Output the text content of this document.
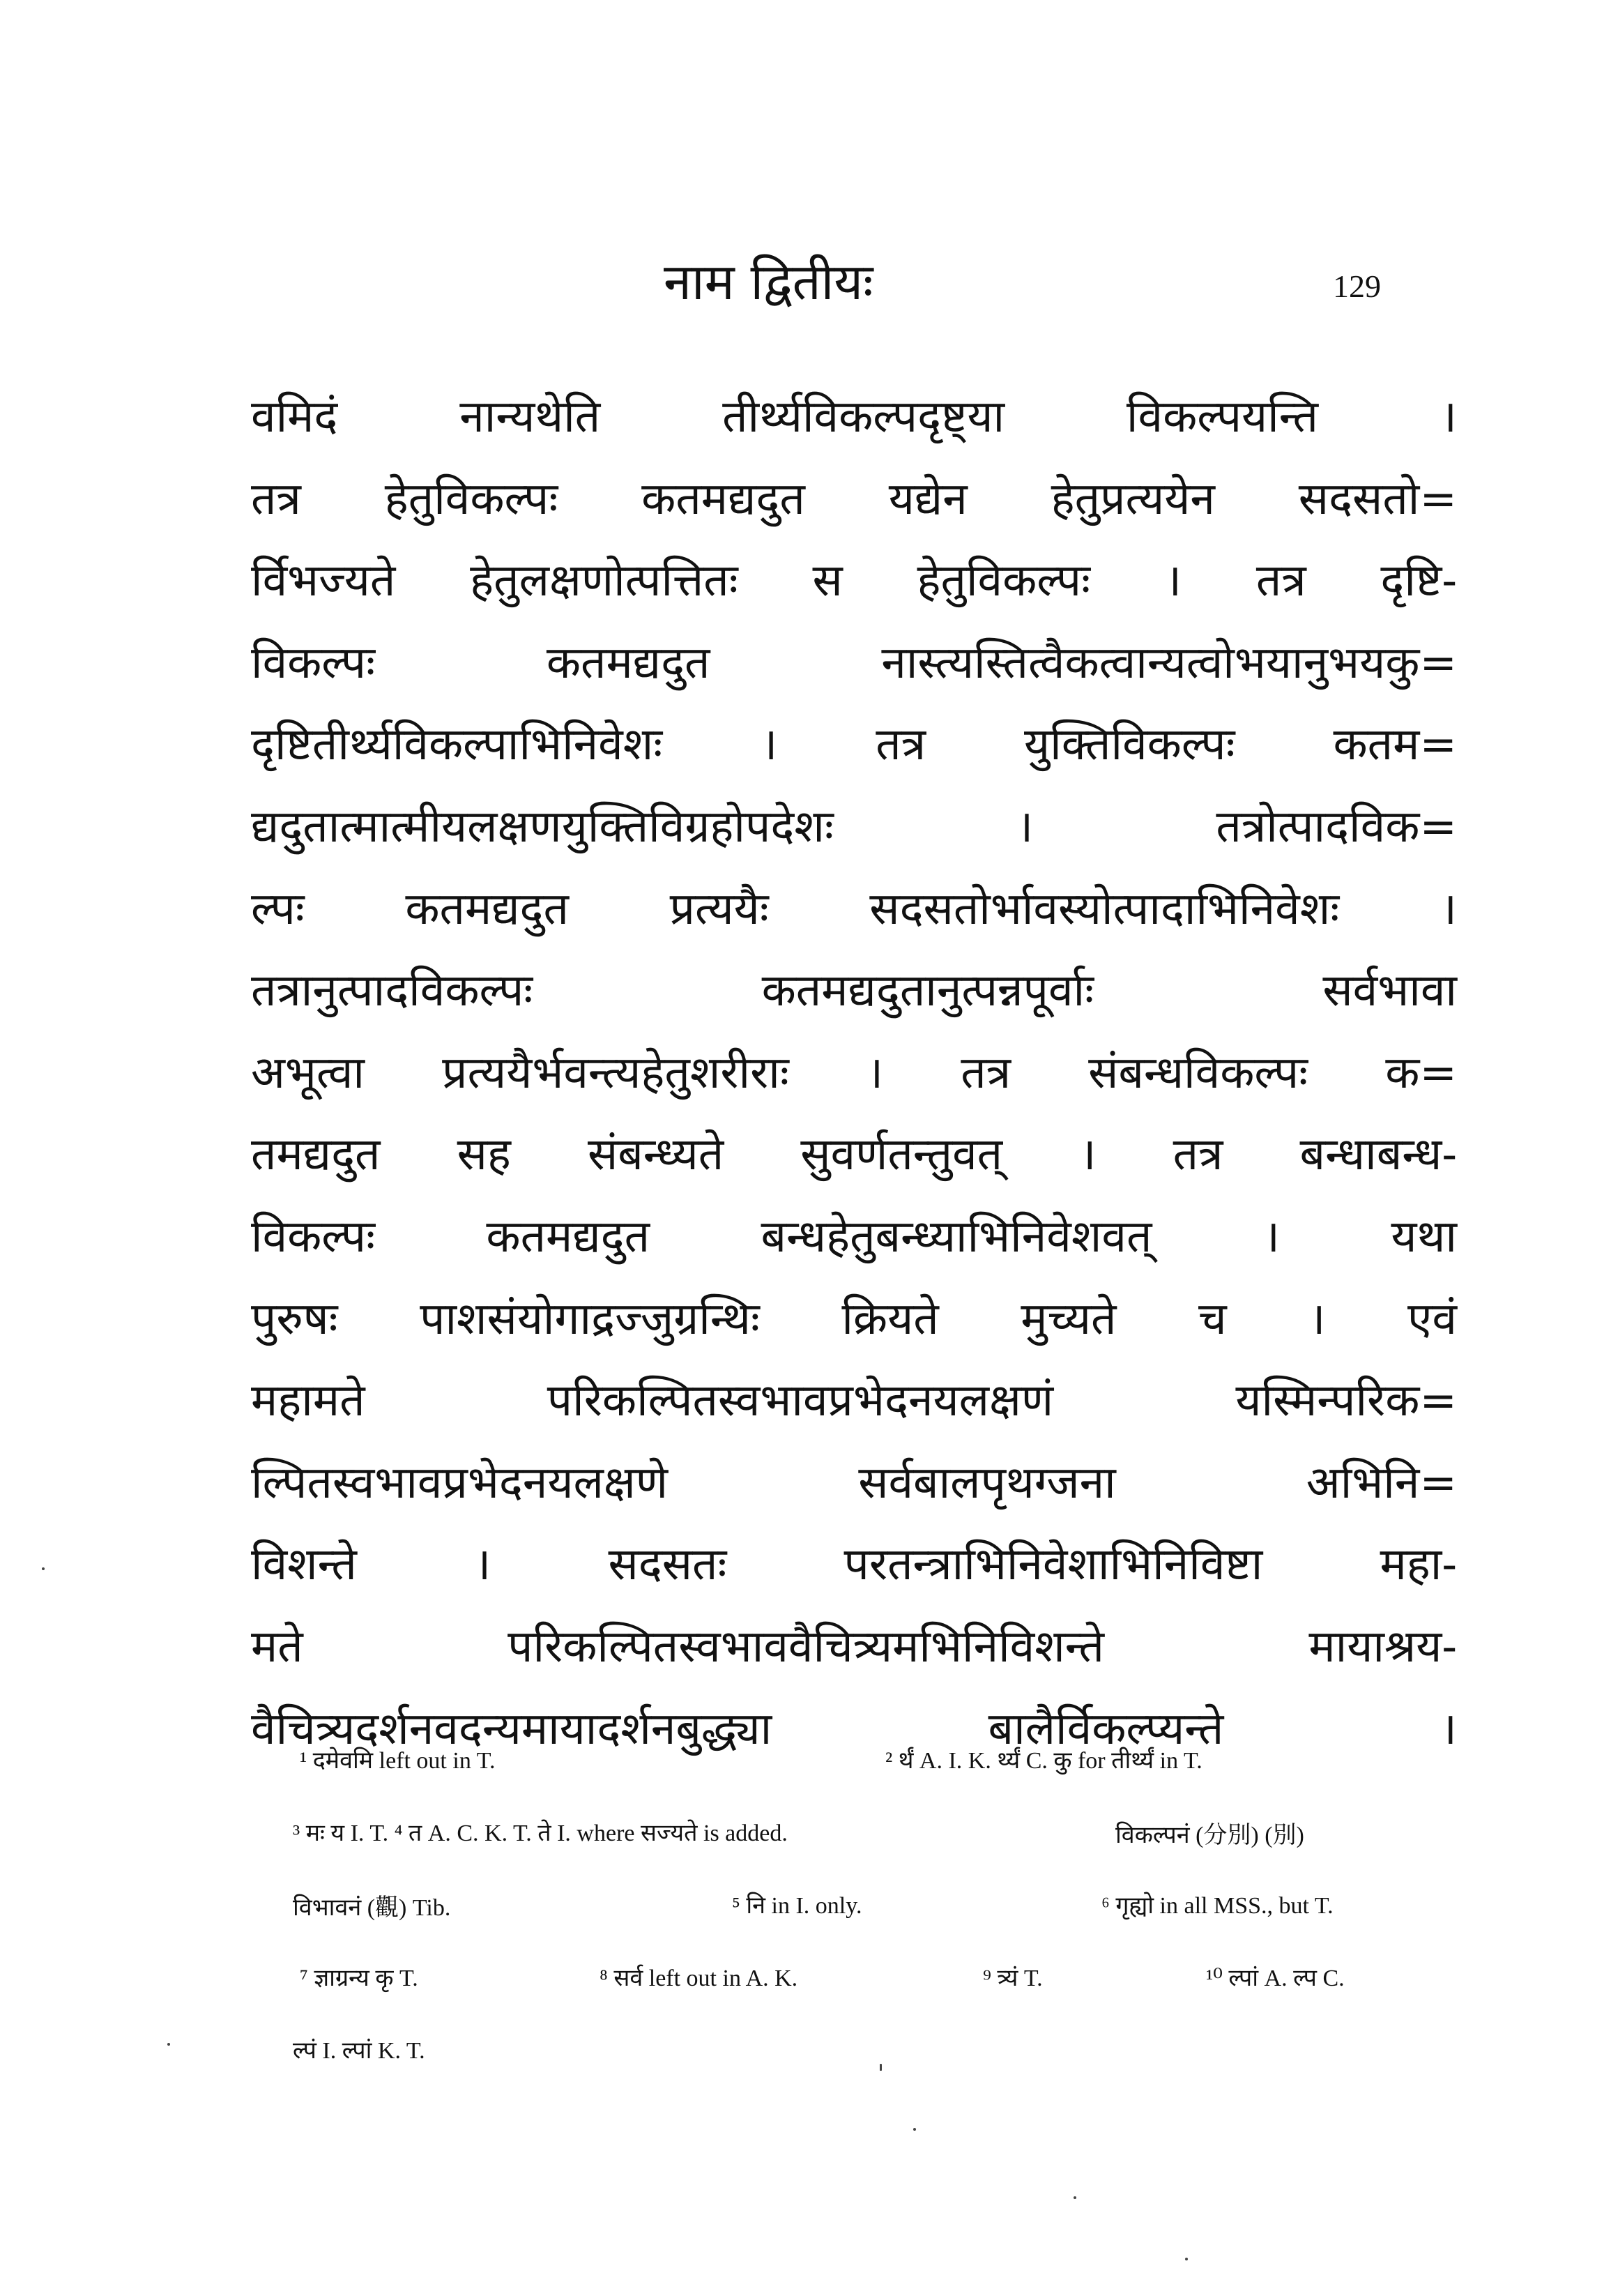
नाम द्वितीयः	129
वमिदं नान्यथेति तीर्थ्यविकल्पदृष्ट्या विकल्पयन्ति ।
तत्र हेतुविकल्पः कतमद्यदुत यद्येन हेतुप्रत्ययेन सदसतो=
र्विभज्यते हेतुलक्षणोत्पत्तितः स हेतुविकल्पः । तत्र दृष्टि-
विकल्पः कतमद्यदुत नास्त्यस्तित्वैकत्वान्यत्वोभयानुभयकु=
दृष्टितीर्थ्यविकल्पाभिनिवेशः । तत्र युक्तिविकल्पः कतम=
द्यदुतात्मात्मीयलक्षणयुक्तिविग्रहोपदेशः । तत्रोत्पादविक=
ल्पः कतमद्यदुत प्रत्ययैः सदसतोर्भावस्योत्पादाभिनिवेशः ।
तत्रानुत्पादविकल्पः कतमद्यदुतानुत्पन्नपूर्वाः सर्वभावा
अभूत्वा प्रत्ययैर्भवन्त्यहेतुशरीराः । तत्र संबन्धविकल्पः क=
तमद्यदुत सह संबन्ध्यते सुवर्णतन्तुवत् । तत्र बन्धाबन्ध-
विकल्पः कतमद्यदुत बन्धहेतुबन्ध्याभिनिवेशवत् । यथा
पुरुषः पाशसंयोगाद्रज्जुग्रन्थिः क्रियते मुच्यते च । एवं
महामते परिकल्पितस्वभावप्रभेदनयलक्षणं यस्मिन्परिक=
ल्पितस्वभावप्रभेदनयलक्षणे सर्वबालपृथग्जना अभिनि=
विशन्ते । सदसतः परतन्त्राभिनिवेशाभिनिविष्टा महा-
मते परिकल्पितस्वभाववैचित्र्यमभिनिविशन्ते मायाश्रय-
वैचित्र्यदर्शनवदन्यमायादर्शनबुद्ध्या बालैर्विकल्प्यन्ते ।
¹ दमेवमि left out in T.	² र्थं A. I. K. र्थ्यं C. कु for तीर्थ्यं in T.
³ मः य I. T. ⁴ त A. C. K. T. ते I. where सज्यते is added.	विकल्पनं (分別) (別)
विभावनं (觀) Tib.	⁵ नि in I. only.	⁶ गृह्यो in all MSS., but T.
⁷ ज्ञाग्रन्य कृ T.	⁸ सर्व left out in A. K.	⁹ त्र्यं T.	¹⁰ ल्पां A. ल्प C.
ल्पं I. ल्पां K. T.
